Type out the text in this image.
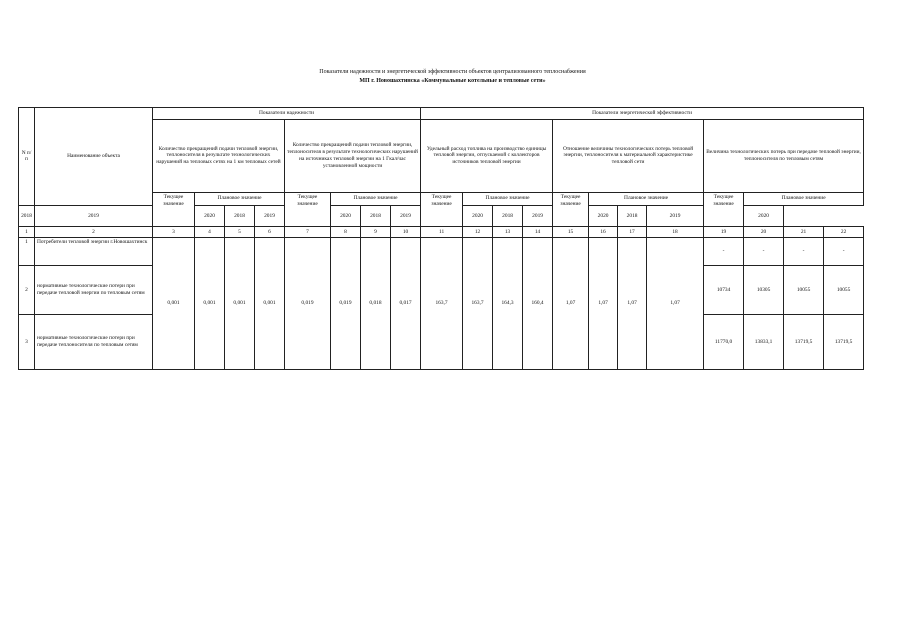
Показатели надежности и энергетической эффективности объектов централизованного теплоснабжения
МП г. Новошахтинска «Коммунальные котельные и тепловые сети»
N п/п	Наименование объекта	Показатели надежности								Показатели энергетической эффективности											
		Количество прекращений подачи тепловой энергии, теплоносителя в результате технологических нарушений на тепловых сетях на 1 км тепловых сетей				Количество прекращений подачи тепловой энергии, теплоносителя в результате технологических нарушений на источниках тепловой энергии на 1 Гкал/час установленной мощности				Удельный расход топлива на производство единицы тепловой энергии, отпускаемой с коллекторов источников тепловой энергии				Отношение величины технологических потерь тепловой энергии, теплоносителя к материальной характеристике тепловой сети				Величина технологических потерь при передаче тепловой энергии, теплоносителя по тепловым сетям			
		Текущее значение	Плановое значение			Текущее значение	Плановое значение			Текущее значение	Плановое значение			Текущее значение	Плановое значение			Текущее значение	Плановое значение		
2018	2019		2020	2018	2019		2020	2018	2019		2020	2018	2019		2020	2018	2019		2020		
1	2	3	4	5	6	7	8	9	10	11	12	13	14	15	16	17	18	19	20	21	22
1	Потребители тепловой энергии г.Новошахтинск	0,001	0,001	0,001	0,001	0,019	0,019	0,018	0,017	163,7	163,7	164,3	160,4	1,07	1,07	1,07	1,07	-	-	-	-
2	нормативные технологические потери при передаче тепловой энергии по тепловым сетям																	10734	10305	10055	10055
3	нормативные технологические потери при передаче теплоносителя по тепловым сетям																	11770,0	13833,1	13719,5	13719,5
